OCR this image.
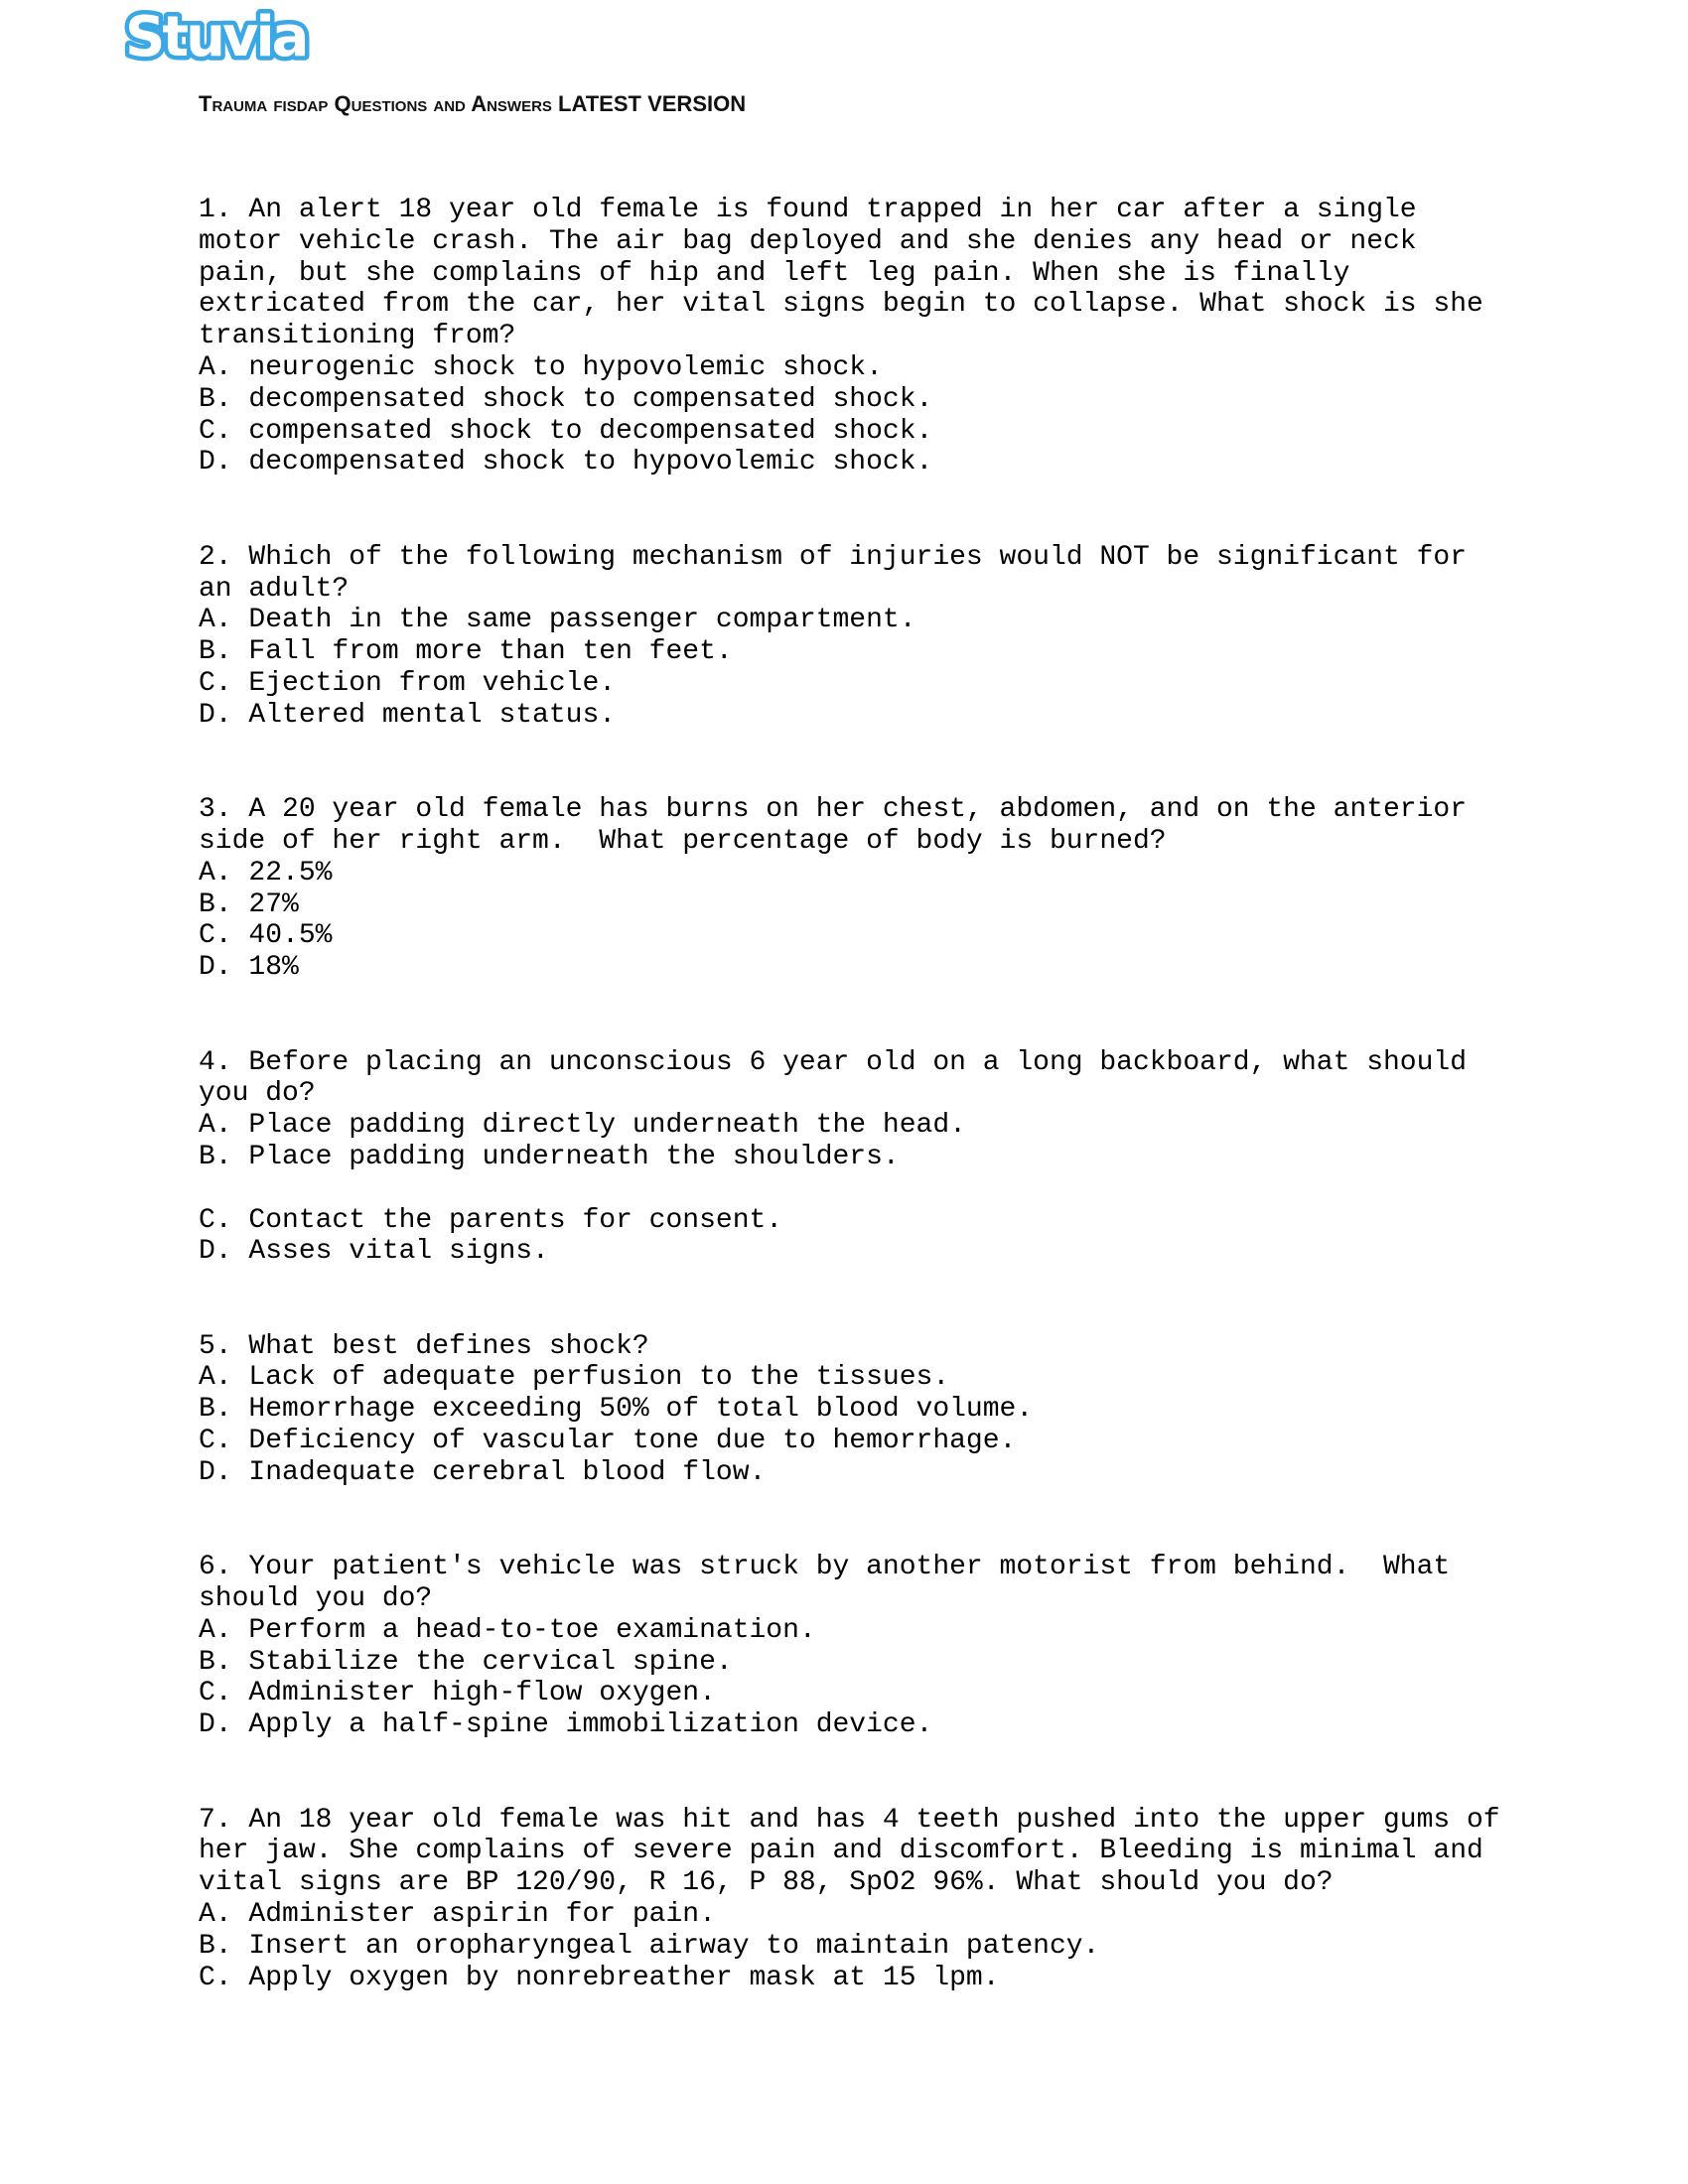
Stuvia
Trauma fisdap Questions and Answers LATEST VERSION
1. An alert 18 year old female is found trapped in her car after a single
motor vehicle crash. The air bag deployed and she denies any head or neck
pain, but she complains of hip and left leg pain. When she is finally
extricated from the car, her vital signs begin to collapse. What shock is she
transitioning from?
A. neurogenic shock to hypovolemic shock.
B. decompensated shock to compensated shock.
C. compensated shock to decompensated shock.
D. decompensated shock to hypovolemic shock.
2. Which of the following mechanism of injuries would NOT be significant for
an adult?
A. Death in the same passenger compartment.
B. Fall from more than ten feet.
C. Ejection from vehicle.
D. Altered mental status.
3. A 20 year old female has burns on her chest, abdomen, and on the anterior
side of her right arm.  What percentage of body is burned?
A. 22.5%
B. 27%
C. 40.5%
D. 18%
4. Before placing an unconscious 6 year old on a long backboard, what should
you do?
A. Place padding directly underneath the head.
B. Place padding underneath the shoulders.
C. Contact the parents for consent.
D. Asses vital signs.
5. What best defines shock?
A. Lack of adequate perfusion to the tissues.
B. Hemorrhage exceeding 50% of total blood volume.
C. Deficiency of vascular tone due to hemorrhage.
D. Inadequate cerebral blood flow.
6. Your patient's vehicle was struck by another motorist from behind.  What
should you do?
A. Perform a head-to-toe examination.
B. Stabilize the cervical spine.
C. Administer high-flow oxygen.
D. Apply a half-spine immobilization device.
7. An 18 year old female was hit and has 4 teeth pushed into the upper gums of
her jaw. She complains of severe pain and discomfort. Bleeding is minimal and
vital signs are BP 120/90, R 16, P 88, SpO2 96%. What should you do?
A. Administer aspirin for pain.
B. Insert an oropharyngeal airway to maintain patency.
C. Apply oxygen by nonrebreather mask at 15 lpm.
